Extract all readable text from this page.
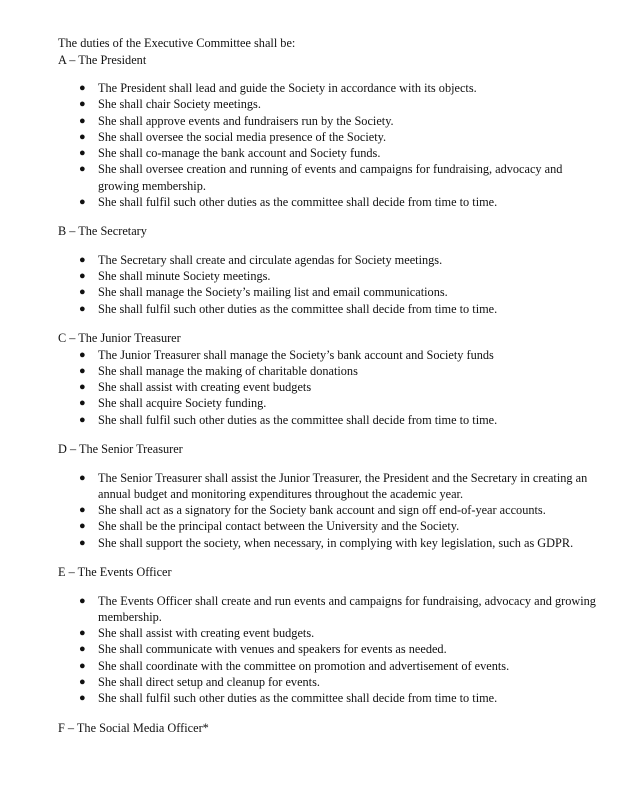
The duties of the Executive Committee shall be:

A – The President

● The President shall lead and guide the Society in accordance with its objects.
● She shall chair Society meetings.
● She shall approve events and fundraisers run by the Society.
● She shall oversee the social media presence of the Society.
● She shall co-manage the bank account and Society funds.
● She shall oversee creation and running of events and campaigns for fundraising, advocacy and growing membership.
● She shall fulfil such other duties as the committee shall decide from time to time.

B – The Secretary

● The Secretary shall create and circulate agendas for Society meetings.
● She shall minute Society meetings.
● She shall manage the Society’s mailing list and email communications.
● She shall fulfil such other duties as the committee shall decide from time to time.

C – The Junior Treasurer

● The Junior Treasurer shall manage the Society’s bank account and Society funds
● She shall manage the making of charitable donations
● She shall assist with creating event budgets
● She shall acquire Society funding.
● She shall fulfil such other duties as the committee shall decide from time to time.

D – The Senior Treasurer

● The Senior Treasurer shall assist the Junior Treasurer, the President and the Secretary in creating an annual budget and monitoring expenditures throughout the academic year.
● She shall act as a signatory for the Society bank account and sign off end-of-year accounts.
● She shall be the principal contact between the University and the Society.
● She shall support the society, when necessary, in complying with key legislation, such as GDPR.

E – The Events Officer

● The Events Officer shall create and run events and campaigns for fundraising, advocacy and growing membership.
● She shall assist with creating event budgets.
● She shall communicate with venues and speakers for events as needed.
● She shall coordinate with the committee on promotion and advertisement of events.
● She shall direct setup and cleanup for events.
● She shall fulfil such other duties as the committee shall decide from time to time.

F – The Social Media Officer*
